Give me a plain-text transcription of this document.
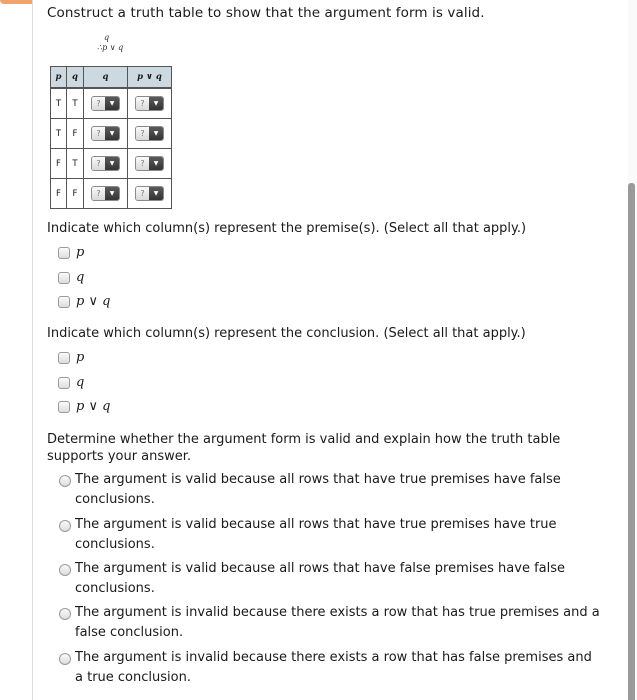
Construct a truth table to show that the argument form is valid.
q
∴p ∨ q
p	q	q	p ∨ q
T	T	? ▼	? ▼

T	F	? ▼	? ▼

F	T	? ▼	? ▼

F	F	? ▼	? ▼
Indicate which column(s) represent the premise(s). (Select all that apply.)
p
q
p ∨ q
Indicate which column(s) represent the conclusion. (Select all that apply.)
p
q
p ∨ q
Determine whether the argument form is valid and explain how the truth table supports your answer.
The argument is valid because all rows that have true premises have false conclusions.
The argument is valid because all rows that have true premises have true conclusions.
The argument is valid because all rows that have false premises have false conclusions.
The argument is invalid because there exists a row that has true premises and a false conclusion.
The argument is invalid because there exists a row that has false premises and a true conclusion.
